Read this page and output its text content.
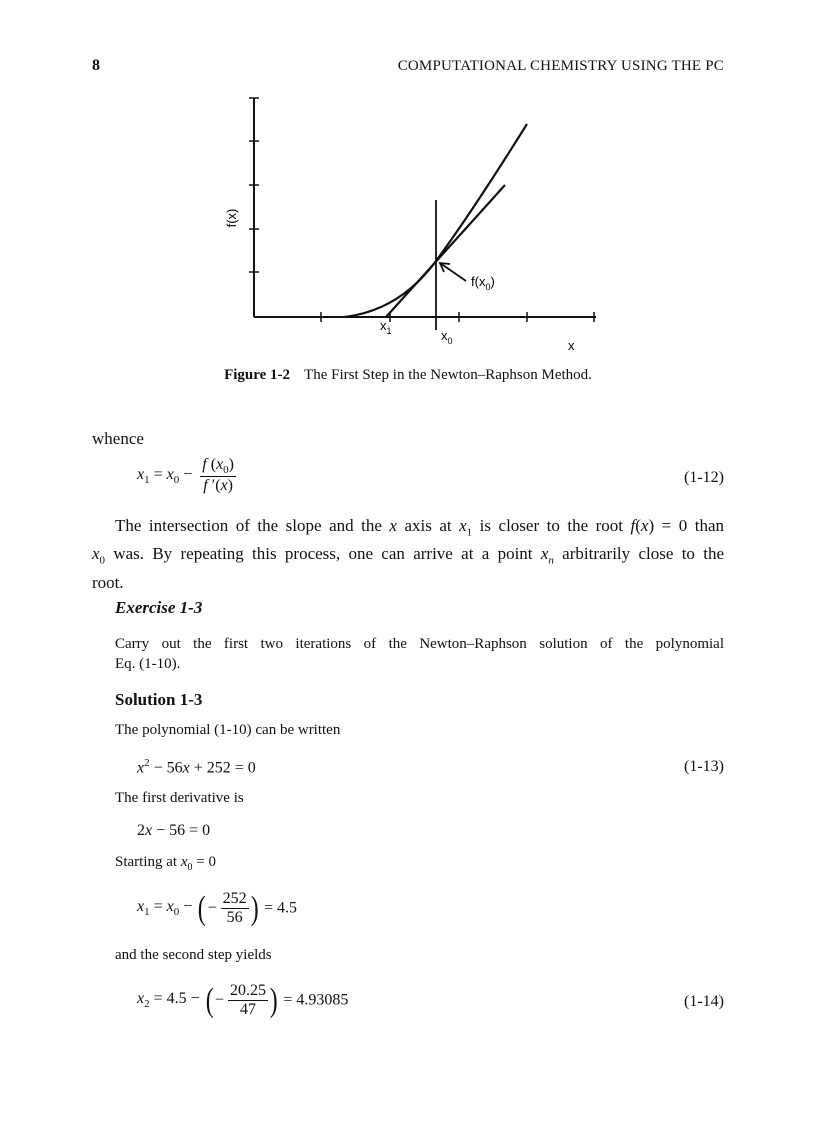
8	COMPUTATIONAL CHEMISTRY USING THE PC
f(x)
x
$x_1$	$x_0$
$f(x_0)$
Figure 1-2 The First Step in the Newton–Raphson Method.
whence
$x_1 = x_0 - \frac{f (x_0)}{f '(x)}$	(1-12)
The intersection of the slope and the x axis at $x_1$ is closer to the root f(x) = 0 than
$x_0$ was. By repeating this process, one can arrive at a point $x_n$ arbitrarily close to the
root.
Exercise 1-3
Carry out the first two iterations of the Newton–Raphson solution of the polynomial
Eq. (1-10).
Solution 1-3
The polynomial (1-10) can be written
$x^2 - 56x + 252 = 0$	(1-13)
The first derivative is
2x − 56 = 0
Starting at $x_0 = 0$
$x_1 = x_0$ − ( − $\frac{252}{56}$ ) = 4.5
and the second step yields
$x_2 = 4.5$ − ( − $\frac{20.25}{47}$ ) = 4.93085	(1-14)
